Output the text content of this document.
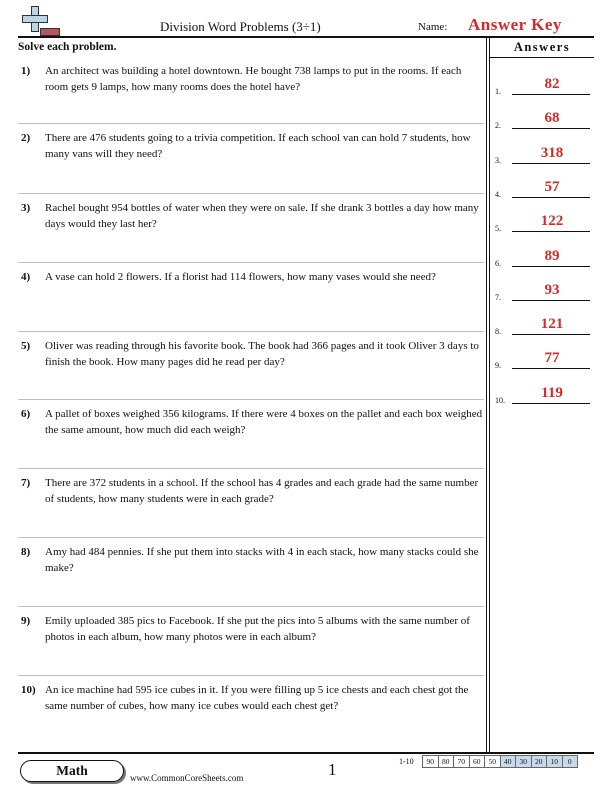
Division Word Problems (3÷1)	Name: Answer Key
Solve each problem.
1)	An architect was building a hotel downtown. He bought 738 lamps to put in the rooms. If each room gets 9 lamps, how many rooms does the hotel have?
2)	There are 476 students going to a trivia competition. If each school van can hold 7 students, how many vans will they need?
3)	Rachel bought 954 bottles of water when they were on sale. If she drank 3 bottles a day how many days would they last her?
4)	A vase can hold 2 flowers. If a florist had 114 flowers, how many vases would she need?
5)	Oliver was reading through his favorite book. The book had 366 pages and it took Oliver 3 days to finish the book. How many pages did he read per day?
6)	A pallet of boxes weighed 356 kilograms. If there were 4 boxes on the pallet and each box weighed the same amount, how much did each weigh?
7)	There are 372 students in a school. If the school has 4 grades and each grade had the same number of students, how many students were in each grade?
8)	Amy had 484 pennies. If she put them into stacks with 4 in each stack, how many stacks could she make?
9)	Emily uploaded 385 pics to Facebook. If she put the pics into 5 albums with the same number of photos in each album, how many photos were in each album?
10) An ice machine had 595 ice cubes in it. If you were filling up 5 ice chests and each chest got the same number of cubes, how many ice cubes would each chest get?
Answers
1.	82
2.	68
3.	318
4.	57
5.	122
6.	89
7.	93
8.	121
9.	77
10.	119
Math	www.CommonCoreSheets.com	1	1-10 90	80	70	60	50	40	30	20	10	0
